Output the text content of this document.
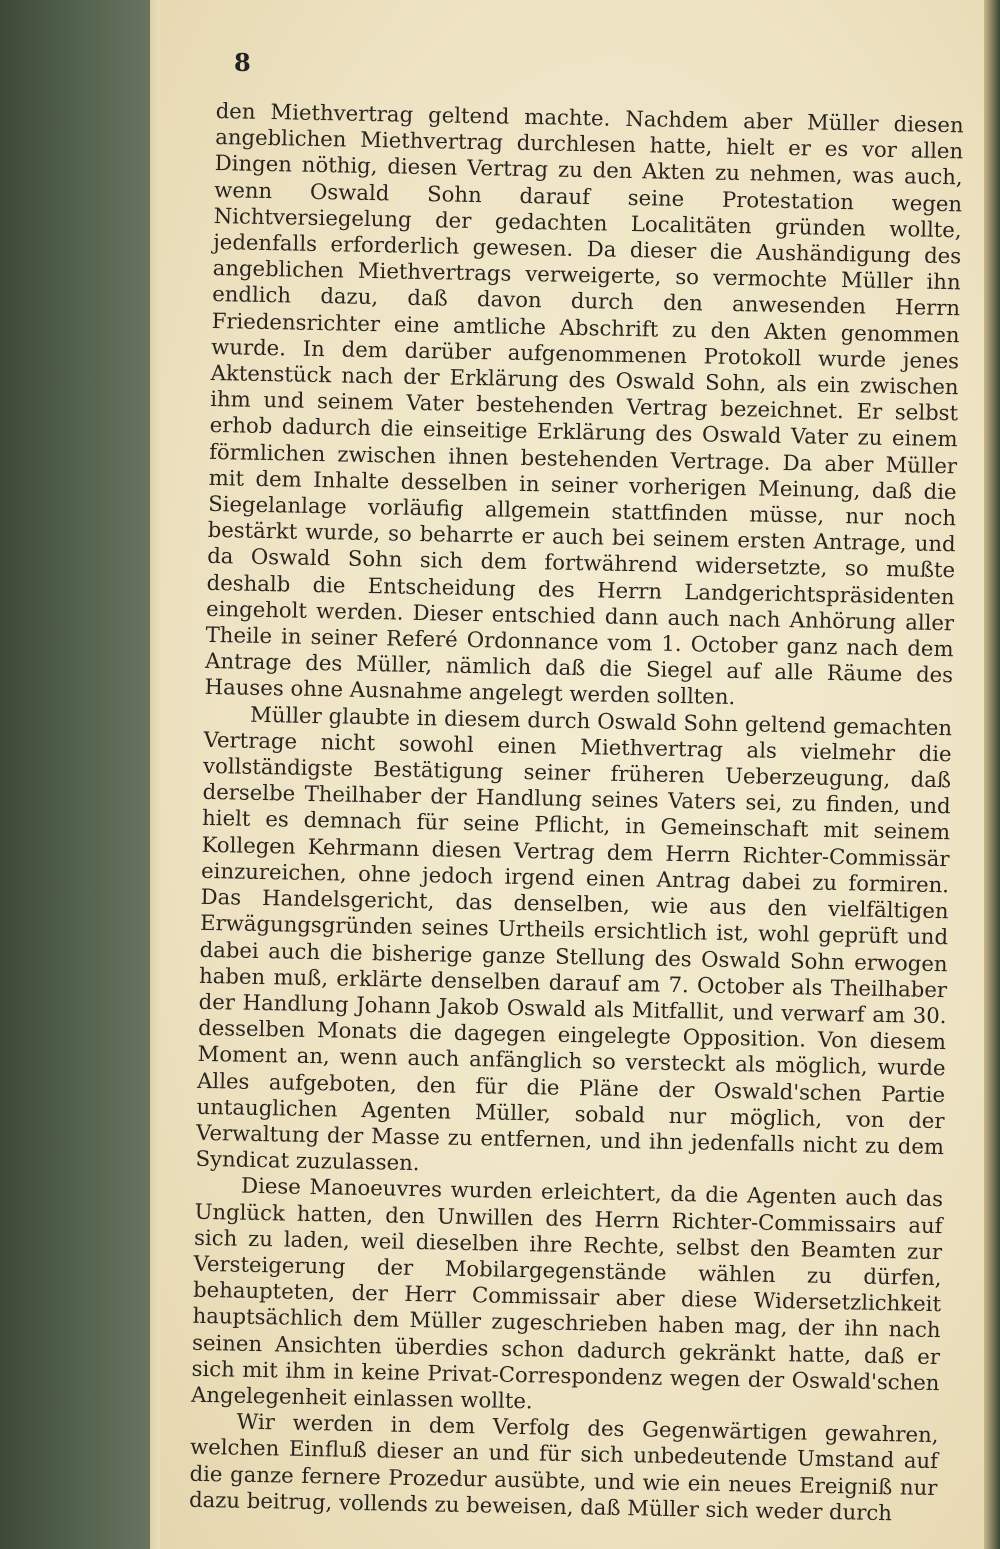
8

den Miethvertrag geltend machte. Nachdem aber Müller diesen angeblichen Miethvertrag durchlesen hatte, hielt er es vor allen Dingen nöthig, diesen Vertrag zu den Akten zu nehmen, was auch, wenn Oswald Sohn darauf seine Protestation wegen Nichtversiegelung der gedachten Localitäten gründen wollte, jedenfalls erforderlich gewesen. Da dieser die Aushändigung des angeblichen Miethvertrags verweigerte, so vermochte Müller ihn endlich dazu, daß davon durch den anwesenden Herrn Friedensrichter eine amtliche Abschrift zu den Akten genommen wurde. In dem darüber aufgenommenen Protokoll wurde jenes Aktenstück nach der Erklärung des Oswald Sohn, als ein zwischen ihm und seinem Vater bestehenden Vertrag bezeichnet. Er selbst erhob dadurch die einseitige Erklärung des Oswald Vater zu einem förmlichen zwischen ihnen bestehenden Vertrage. Da aber Müller mit dem Inhalte desselben in seiner vorherigen Meinung, daß die Siegelanlage vorläufig allgemein stattfinden müsse, nur noch bestärkt wurde, so beharrte er auch bei seinem ersten Antrage, und da Oswald Sohn sich dem fortwährend widersetzte, so mußte deshalb die Entscheidung des Herrn Landgerichtspräsidenten eingeholt werden. Dieser entschied dann auch nach Anhörung aller Theile in seiner Referé Ordonnance vom 1. October ganz nach dem Antrage des Müller, nämlich daß die Siegel auf alle Räume des Hauses ohne Ausnahme angelegt werden sollten.

Müller glaubte in diesem durch Oswald Sohn geltend gemachten Vertrage nicht sowohl einen Miethvertrag als vielmehr die vollständigste Bestätigung seiner früheren Ueberzeugung, daß derselbe Theilhaber der Handlung seines Vaters sei, zu finden, und hielt es demnach für seine Pflicht, in Gemeinschaft mit seinem Kollegen Kehrmann diesen Vertrag dem Herrn Richter-Commissär einzureichen, ohne jedoch irgend einen Antrag dabei zu formiren. Das Handelsgericht, das denselben, wie aus den vielfältigen Erwägungsgründen seines Urtheils ersichtlich ist, wohl geprüft und dabei auch die bisherige ganze Stellung des Oswald Sohn erwogen haben muß, erklärte denselben darauf am 7. October als Theilhaber der Handlung Johann Jakob Oswald als Mitfallit, und verwarf am 30. desselben Monats die dagegen eingelegte Opposition. Von diesem Moment an, wenn auch anfänglich so versteckt als möglich, wurde Alles aufgeboten, den für die Pläne der Oswald'schen Partie untauglichen Agenten Müller, sobald nur möglich, von der Verwaltung der Masse zu entfernen, und ihn jedenfalls nicht zu dem Syndicat zuzulassen.

Diese Manoeuvres wurden erleichtert, da die Agenten auch das Unglück hatten, den Unwillen des Herrn Richter-Commissairs auf sich zu laden, weil dieselben ihre Rechte, selbst den Beamten zur Versteigerung der Mobilargegenstände wählen zu dürfen, behaupteten, der Herr Commissair aber diese Widersetzlichkeit hauptsächlich dem Müller zugeschrieben haben mag, der ihn nach seinen Ansichten überdies schon dadurch gekränkt hatte, daß er sich mit ihm in keine Privat-Correspondenz wegen der Oswald'schen Angelegenheit einlassen wollte.

Wir werden in dem Verfolg des Gegenwärtigen gewahren, welchen Einfluß dieser an und für sich unbedeutende Umstand auf die ganze fernere Prozedur ausübte, und wie ein neues Ereigniß nur dazu beitrug, vollends zu beweisen, daß Müller sich weder durch
